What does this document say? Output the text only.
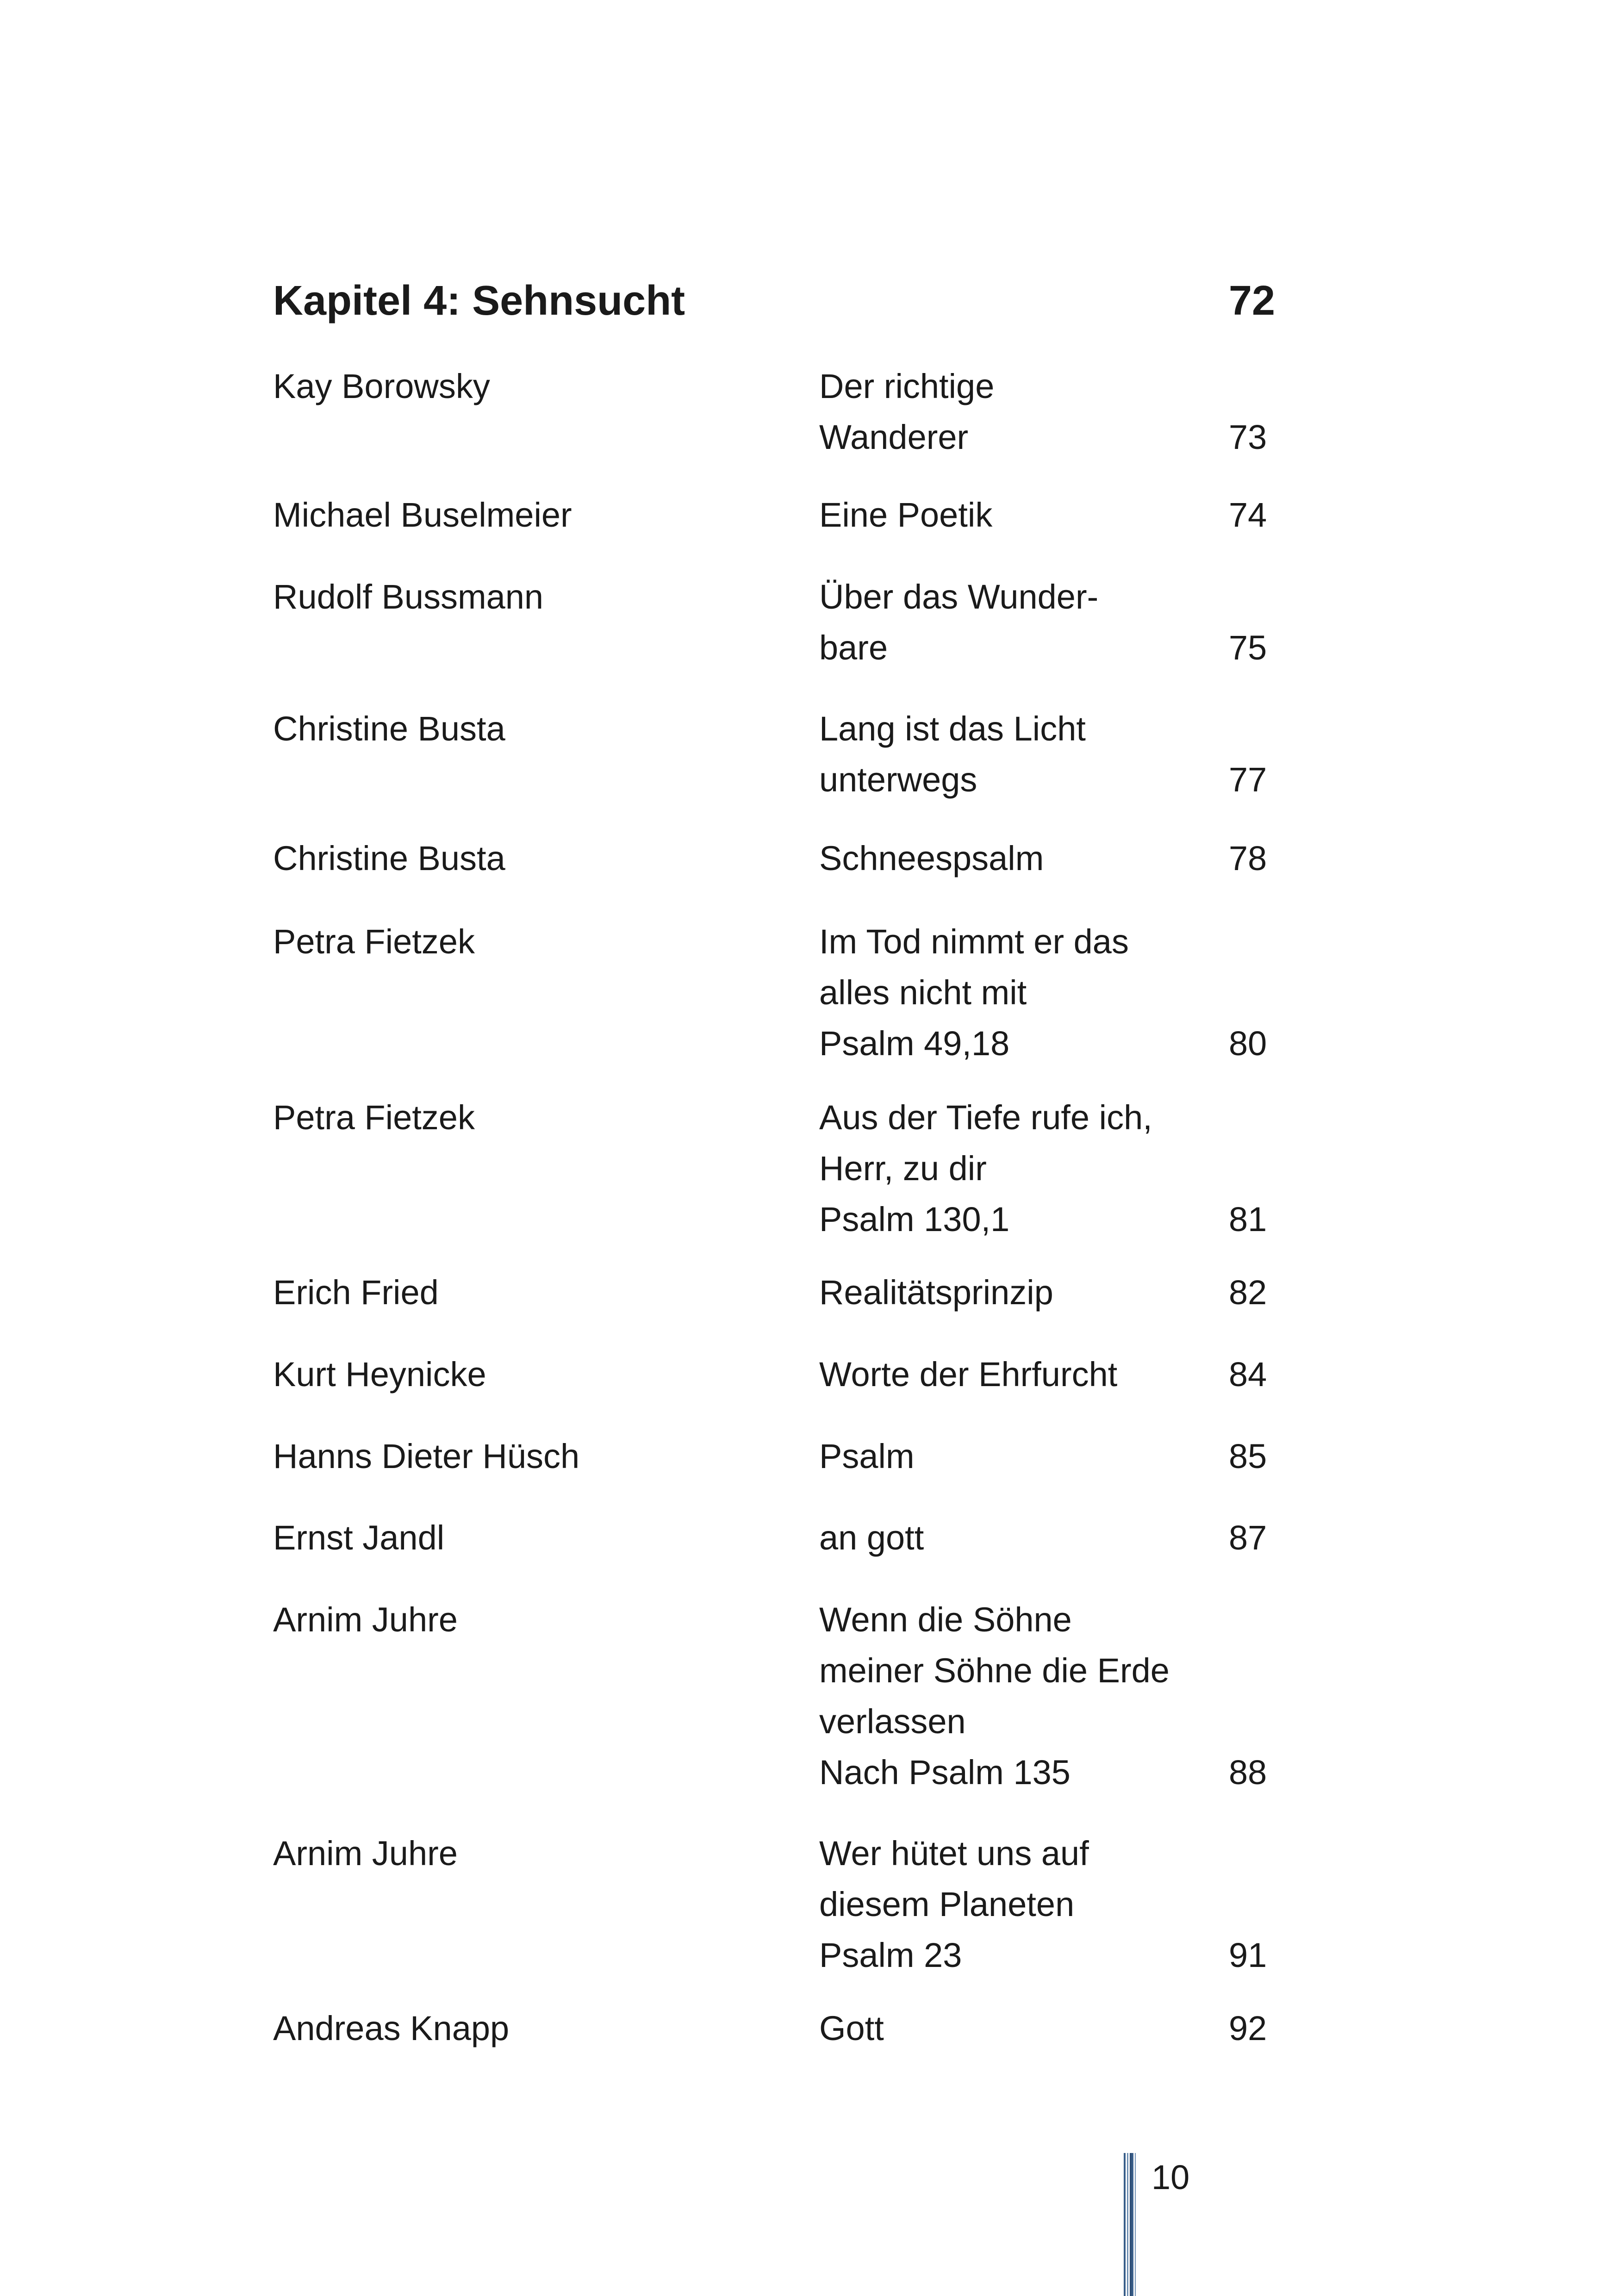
Kapitel 4: Sehnsucht	72
Kay Borowsky	Der richtige
Wanderer	73
Michael Buselmeier	Eine Poetik	74
Rudolf Bussmann	Über das Wunder-
bare	75
Christine Busta	Lang ist das Licht
unterwegs	77
Christine Busta	Schneespsalm	78
Petra Fietzek	Im Tod nimmt er das
alles nicht mit
Psalm 49,18	80
Petra Fietzek	Aus der Tiefe rufe ich,
Herr, zu dir
Psalm 130,1	81
Erich Fried	Realitätsprinzip	82
Kurt Heynicke	Worte der Ehrfurcht	84
Hanns Dieter Hüsch	Psalm	85
Ernst Jandl	an gott	87
Arnim Juhre	Wenn die Söhne
meiner Söhne die Erde
verlassen
Nach Psalm 135	88
Arnim Juhre	Wer hütet uns auf
diesem Planeten
Psalm 23	91
Andreas Knapp	Gott	92
10
